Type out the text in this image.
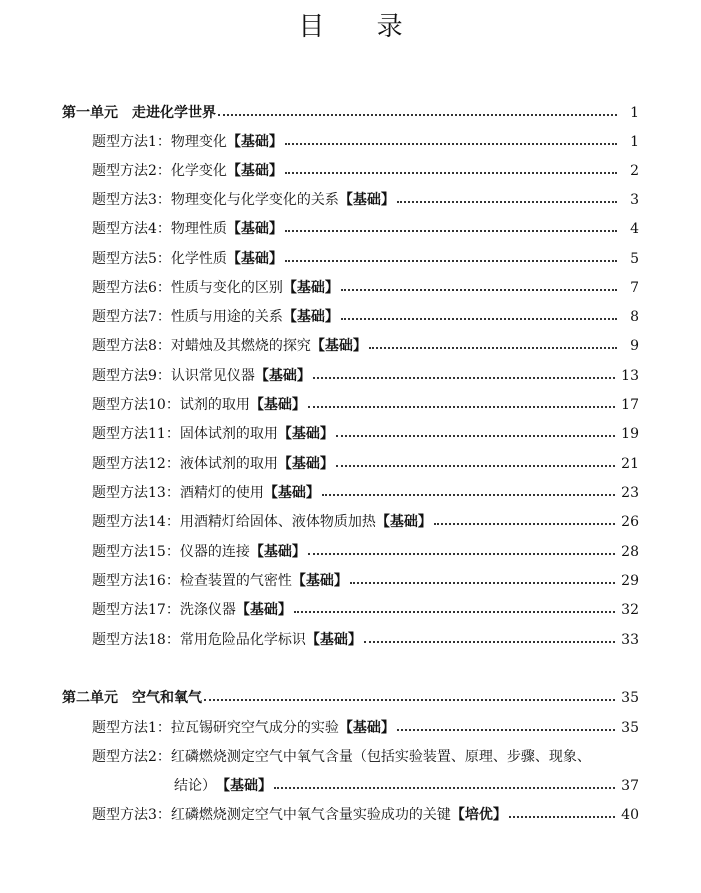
目 录
第一单元 走进化学世界	1
题型方法1： 物理变化 【基础】	1
题型方法2： 化学变化 【基础】	2
题型方法3： 物理变化与化学变化的关系 【基础】	3
题型方法4： 物理性质 【基础】	4
题型方法5： 化学性质 【基础】	5
题型方法6： 性质与变化的区别 【基础】	7
题型方法7： 性质与用途的关系 【基础】	8
题型方法8： 对蜡烛及其燃烧的探究 【基础】	9
题型方法9： 认识常见仪器 【基础】	13
题型方法10： 试剂的取用 【基础】	17
题型方法11： 固体试剂的取用 【基础】	19
题型方法12： 液体试剂的取用 【基础】	21
题型方法13： 酒精灯的使用 【基础】	23
题型方法14： 用酒精灯给固体、液体物质加热 【基础】	26
题型方法15： 仪器的连接 【基础】	28
题型方法16： 检查装置的气密性 【基础】	29
题型方法17： 洗涤仪器 【基础】	32
题型方法18： 常用危险品化学标识 【基础】	33
第二单元 空气和氧气	35
题型方法1： 拉瓦锡研究空气成分的实验 【基础】	35
题型方法2： 红磷燃烧测定空气中氧气含量（包括实验装置、原理、步骤、现象、
结论） 【基础】	37
题型方法3： 红磷燃烧测定空气中氧气含量实验成功的关键 【培优】	40
